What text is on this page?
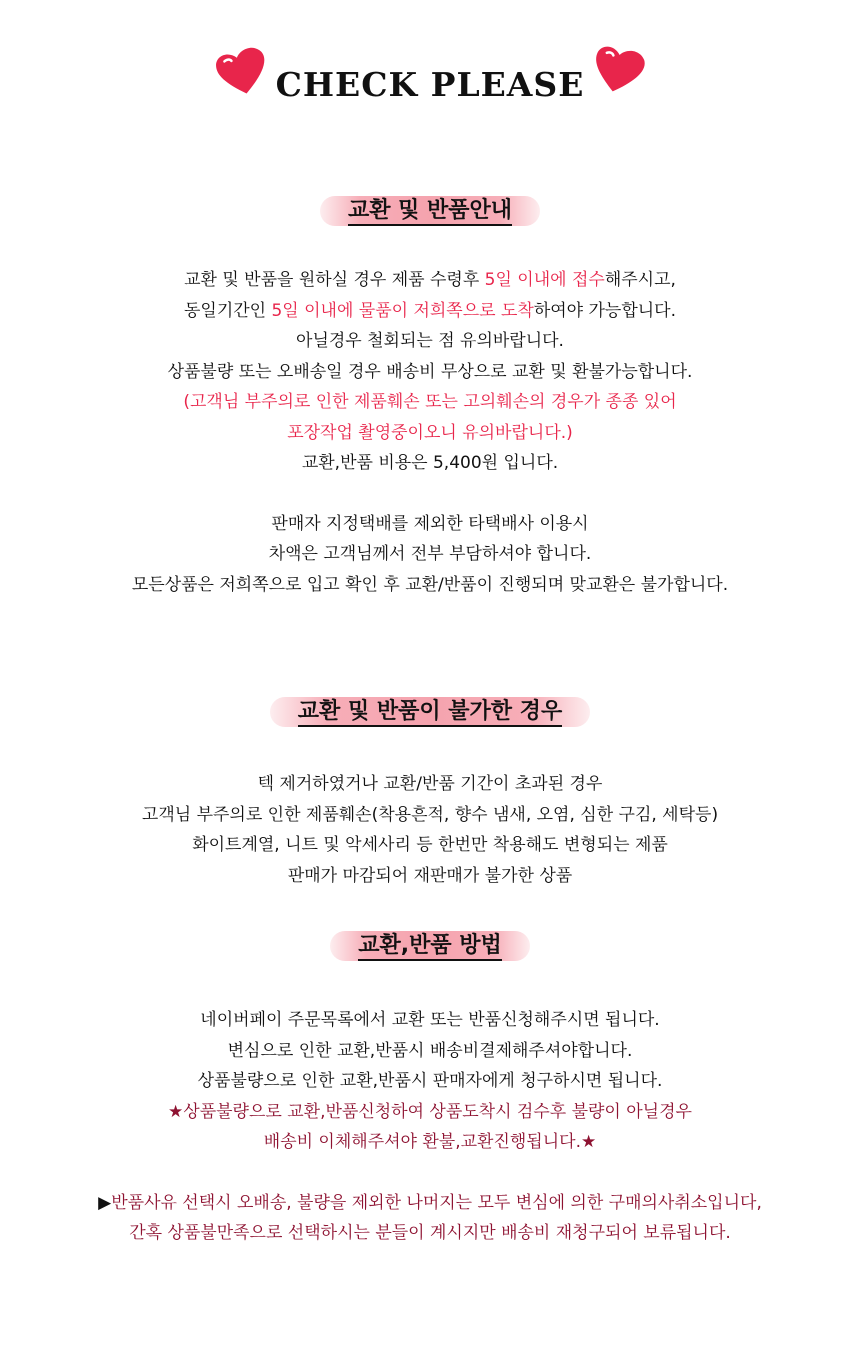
CHECK PLEASE
교환 및 반품안내
교환 및 반품을 원하실 경우 제품 수령후 5일 이내에 접수해주시고,
동일기간인 5일 이내에 물품이 저희쪽으로 도착하여야 가능합니다.
아닐경우 철회되는 점 유의바랍니다.
상품불량 또는 오배송일 경우 배송비 무상으로 교환 및 환불가능합니다.
(고객님 부주의로 인한 제품훼손 또는 고의훼손의 경우가 종종 있어
포장작업 촬영중이오니 유의바랍니다.)
교환,반품 비용은 5,400원 입니다.
판매자 지정택배를 제외한 타택배사 이용시
차액은 고객님께서 전부 부담하셔야 합니다.
모든상품은 저희쪽으로 입고 확인 후 교환/반품이 진행되며 맞교환은 불가합니다.
교환 및 반품이 불가한 경우
텍 제거하였거나 교환/반품 기간이 초과된 경우
고객님 부주의로 인한 제품훼손(착용흔적, 향수 냄새, 오염, 심한 구김, 세탁등)
화이트계열, 니트 및 악세사리 등 한번만 착용해도 변형되는 제품
판매가 마감되어 재판매가 불가한 상품
교환,반품 방법
네이버페이 주문목록에서 교환 또는 반품신청해주시면 됩니다.
변심으로 인한 교환,반품시 배송비결제해주셔야합니다.
상품불량으로 인한 교환,반품시 판매자에게 청구하시면 됩니다.
★상품불량으로 교환,반품신청하여 상품도착시 검수후 불량이 아닐경우
배송비 이체해주셔야 환불,교환진행됩니다.★
▶반품사유 선택시 오배송, 불량을 제외한 나머지는 모두 변심에 의한 구매의사취소입니다,
간혹 상품불만족으로 선택하시는 분들이 계시지만 배송비 재청구되어 보류됩니다.
